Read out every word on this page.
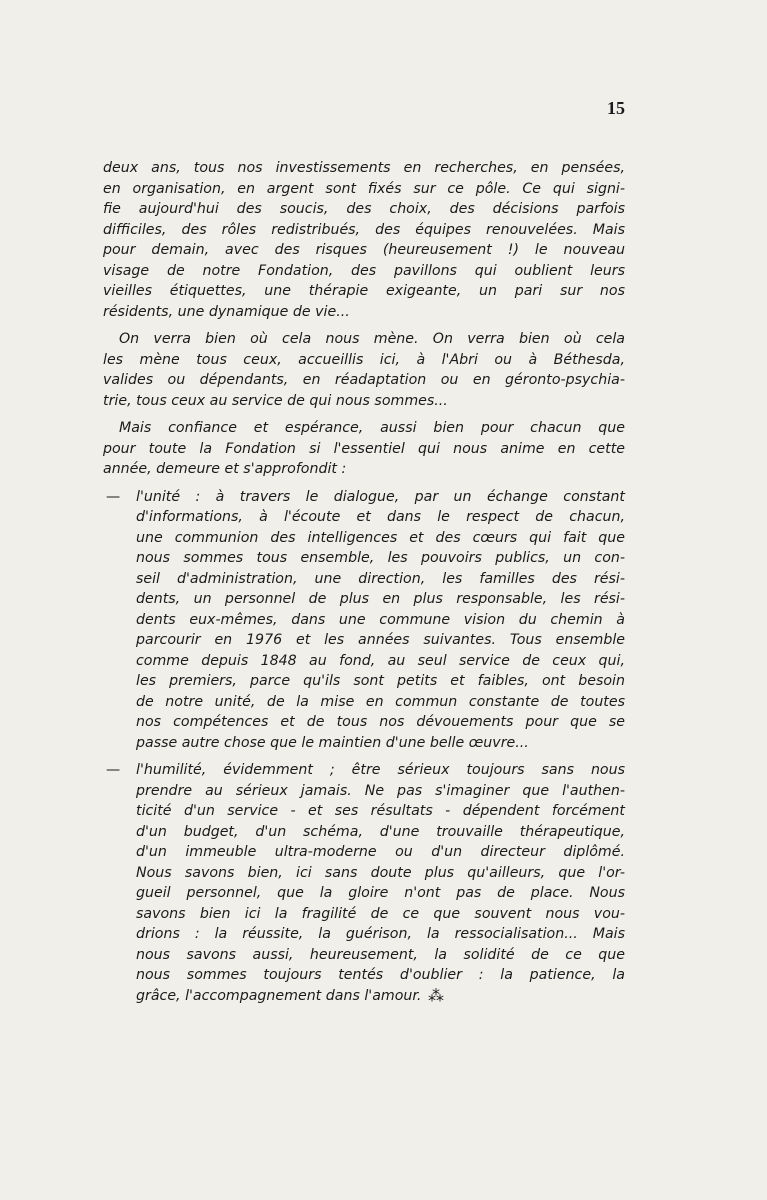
15
deux ans, tous nos investissements en recherches, en pensées,
en organisation, en argent sont fixés sur ce pôle. Ce qui signi-
fie aujourd'hui des soucis, des choix, des décisions parfois
difficiles, des rôles redistribués, des équipes renouvelées. Mais
pour demain, avec des risques (heureusement !) le nouveau
visage de notre Fondation, des pavillons qui oublient leurs
vieilles étiquettes, une thérapie exigeante, un pari sur nos
résidents, une dynamique de vie...
On verra bien où cela nous mène. On verra bien où cela
les mène tous ceux, accueillis ici, à l'Abri ou à Béthesda,
valides ou dépendants, en réadaptation ou en géronto-psychia-
trie, tous ceux au service de qui nous sommes...
Mais confiance et espérance, aussi bien pour chacun que
pour toute la Fondation si l'essentiel qui nous anime en cette
année, demeure et s'approfondit :
— l'unité : à travers le dialogue, par un échange constant
d'informations, à l'écoute et dans le respect de chacun,
une communion des intelligences et des cœurs qui fait que
nous sommes tous ensemble, les pouvoirs publics, un con-
seil d'administration, une direction, les familles des rési-
dents, un personnel de plus en plus responsable, les rési-
dents eux-mêmes, dans une commune vision du chemin à
parcourir en 1976 et les années suivantes. Tous ensemble
comme depuis 1848 au fond, au seul service de ceux qui,
les premiers, parce qu'ils sont petits et faibles, ont besoin
de notre unité, de la mise en commun constante de toutes
nos compétences et de tous nos dévouements pour que se
passe autre chose que le maintien d'une belle œuvre...
— l'humilité, évidemment ; être sérieux toujours sans nous
prendre au sérieux jamais. Ne pas s'imaginer que l'authen-
ticité d'un service - et ses résultats - dépendent forcément
d'un budget, d'un schéma, d'une trouvaille thérapeutique,
d'un immeuble ultra-moderne ou d'un directeur diplômé.
Nous savons bien, ici sans doute plus qu'ailleurs, que l'or-
gueil personnel, que la gloire n'ont pas de place. Nous
savons bien ici la fragilité de ce que souvent nous vou-
drions : la réussite, la guérison, la ressocialisation... Mais
nous savons aussi, heureusement, la solidité de ce que
nous sommes toujours tentés d'oublier : la patience, la
grâce, l'accompagnement dans l'amour. ⁂
